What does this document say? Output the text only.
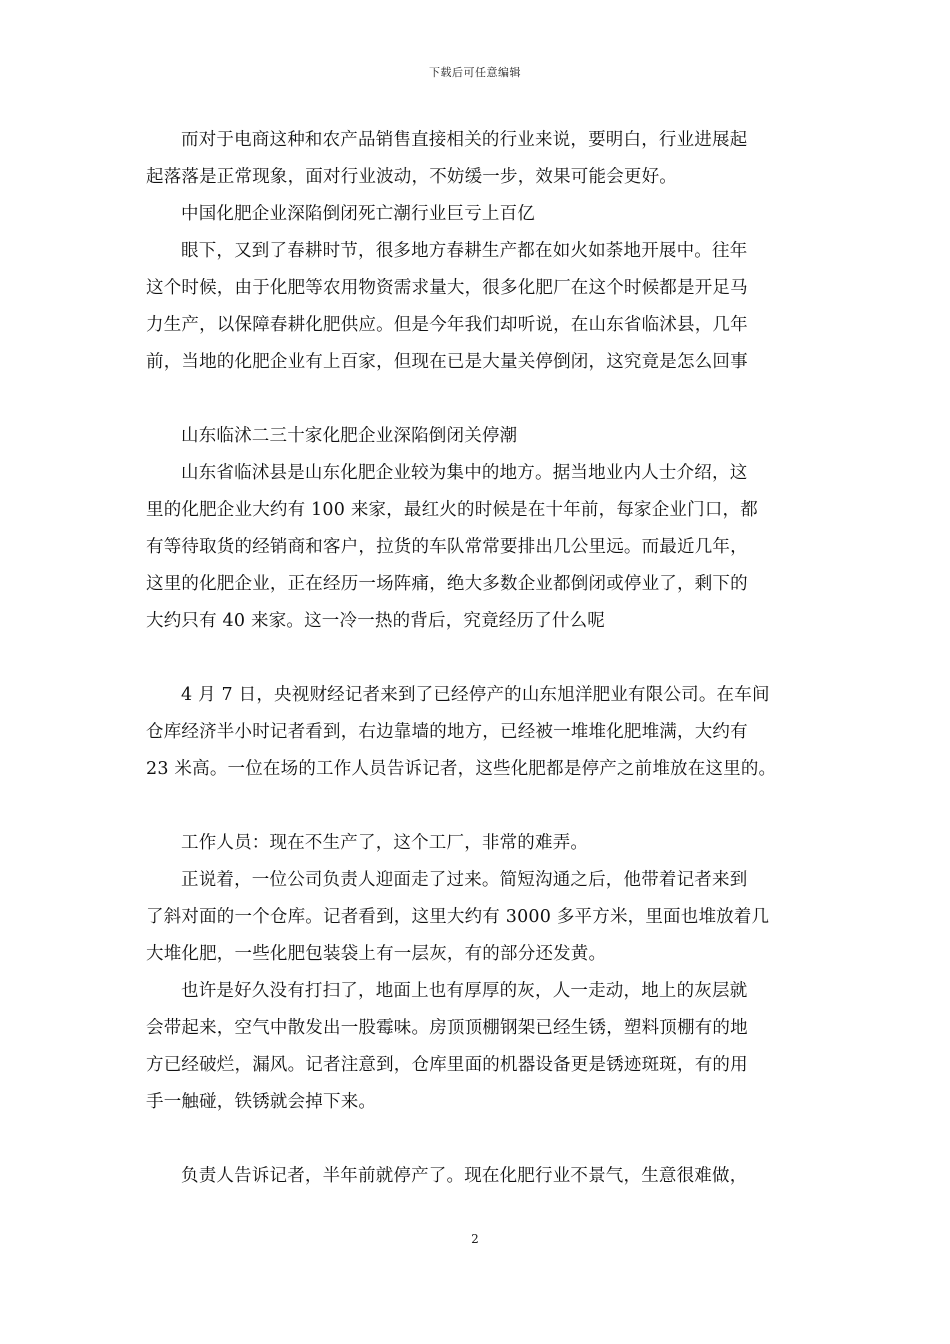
下载后可任意编辑
而对于电商这种和农产品销售直接相关的行业来说，要明白，行业进展起
起落落是正常现象，面对行业波动，不妨缓一步，效果可能会更好。
中国化肥企业深陷倒闭死亡潮行业巨亏上百亿
眼下，又到了春耕时节，很多地方春耕生产都在如火如荼地开展中。往年
这个时候，由于化肥等农用物资需求量大，很多化肥厂在这个时候都是开足马
力生产，以保障春耕化肥供应。但是今年我们却听说，在山东省临沭县，几年
前，当地的化肥企业有上百家，但现在已是大量关停倒闭，这究竟是怎么回事
山东临沭二三十家化肥企业深陷倒闭关停潮
山东省临沭县是山东化肥企业较为集中的地方。据当地业内人士介绍，这
里的化肥企业大约有 100 来家，最红火的时候是在十年前，每家企业门口，都
有等待取货的经销商和客户，拉货的车队常常要排出几公里远。而最近几年，
这里的化肥企业，正在经历一场阵痛，绝大多数企业都倒闭或停业了，剩下的
大约只有 40 来家。这一冷一热的背后，究竟经历了什么呢
4 月 7 日，央视财经记者来到了已经停产的山东旭洋肥业有限公司。在车间
仓库经济半小时记者看到，右边靠墙的地方，已经被一堆堆化肥堆满，大约有
23 米高。一位在场的工作人员告诉记者，这些化肥都是停产之前堆放在这里的。
工作人员：现在不生产了，这个工厂，非常的难弄。
正说着，一位公司负责人迎面走了过来。简短沟通之后，他带着记者来到
了斜对面的一个仓库。记者看到，这里大约有 3000 多平方米，里面也堆放着几
大堆化肥，一些化肥包装袋上有一层灰，有的部分还发黄。
也许是好久没有打扫了，地面上也有厚厚的灰，人一走动，地上的灰层就
会带起来，空气中散发出一股霉味。房顶顶棚钢架已经生锈，塑料顶棚有的地
方已经破烂，漏风。记者注意到，仓库里面的机器设备更是锈迹斑斑，有的用
手一触碰，铁锈就会掉下来。
负责人告诉记者，半年前就停产了。现在化肥行业不景气，生意很难做，
2
